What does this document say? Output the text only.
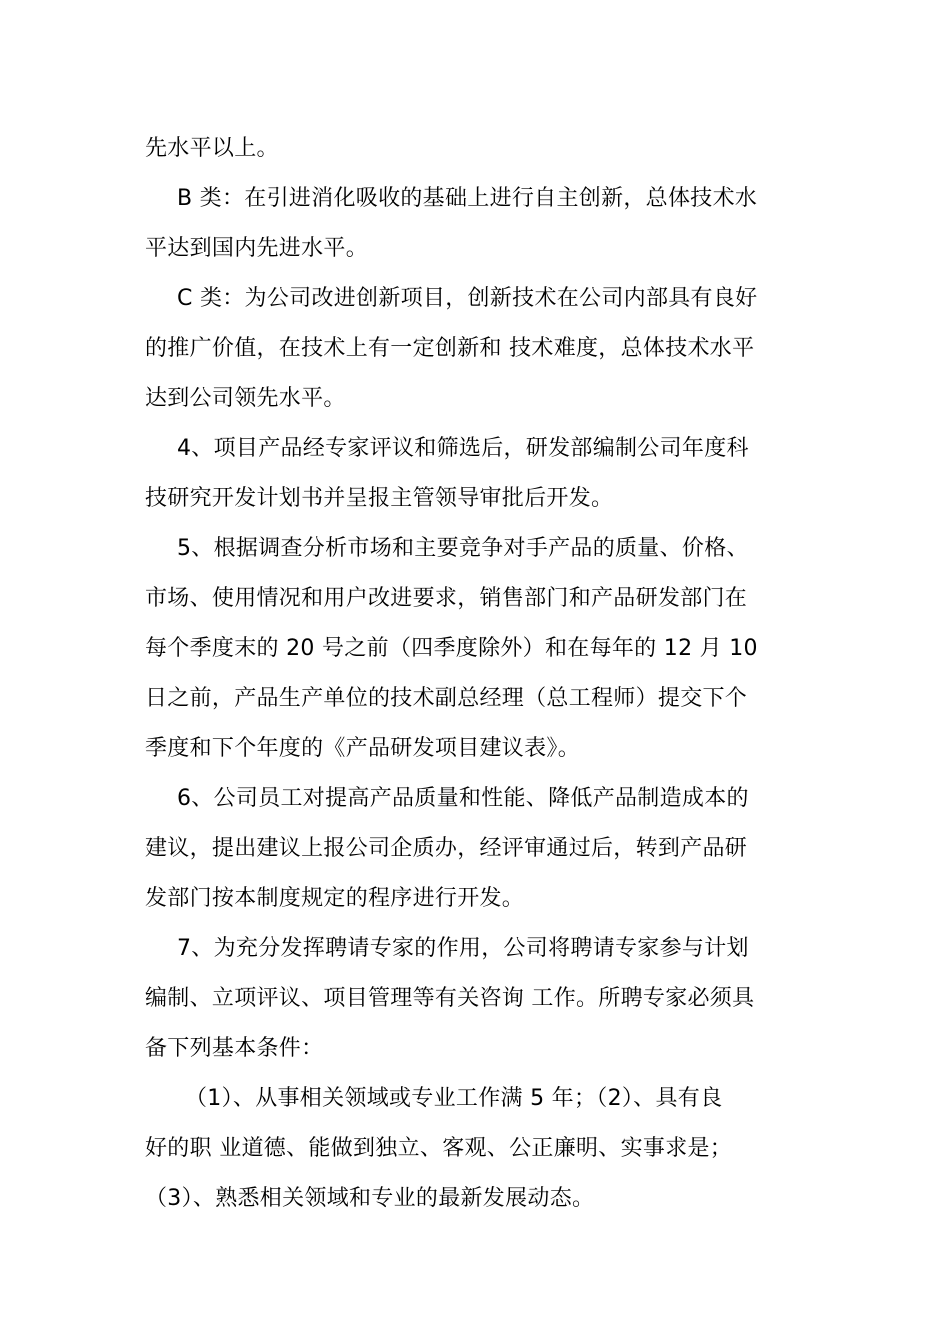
先水平以上。
B 类：在引进消化吸收的基础上进行自主创新，总体技术水
平达到国内先进水平。
C 类：为公司改进创新项目，创新技术在公司内部具有良好
的推广价值，在技术上有一定创新和 技术难度，总体技术水平
达到公司领先水平。
4、项目产品经专家评议和筛选后，研发部编制公司年度科
技研究开发计划书并呈报主管领导审批后开发。
5、根据调查分析市场和主要竞争对手产品的质量、价格、
市场、使用情况和用户改进要求，销售部门和产品研发部门在
每个季度末的 20 号之前（四季度除外）和在每年的 12 月 10
日之前，产品生产单位的技术副总经理（总工程师）提交下个
季度和下个年度的《产品研发项目建议表》。
6、公司员工对提高产品质量和性能、降低产品制造成本的
建议，提出建议上报公司企质办，经评审通过后，转到产品研
发部门按本制度规定的程序进行开发。
7、为充分发挥聘请专家的作用，公司将聘请专家参与计划
编制、立项评议、项目管理等有关咨询 工作。所聘专家必须具
备下列基本条件：
（1）、从事相关领域或专业工作满 5 年；（2）、具有良
好的职 业道德、能做到独立、客观、公正廉明、实事求是；
（3）、熟悉相关领域和专业的最新发展动态。
